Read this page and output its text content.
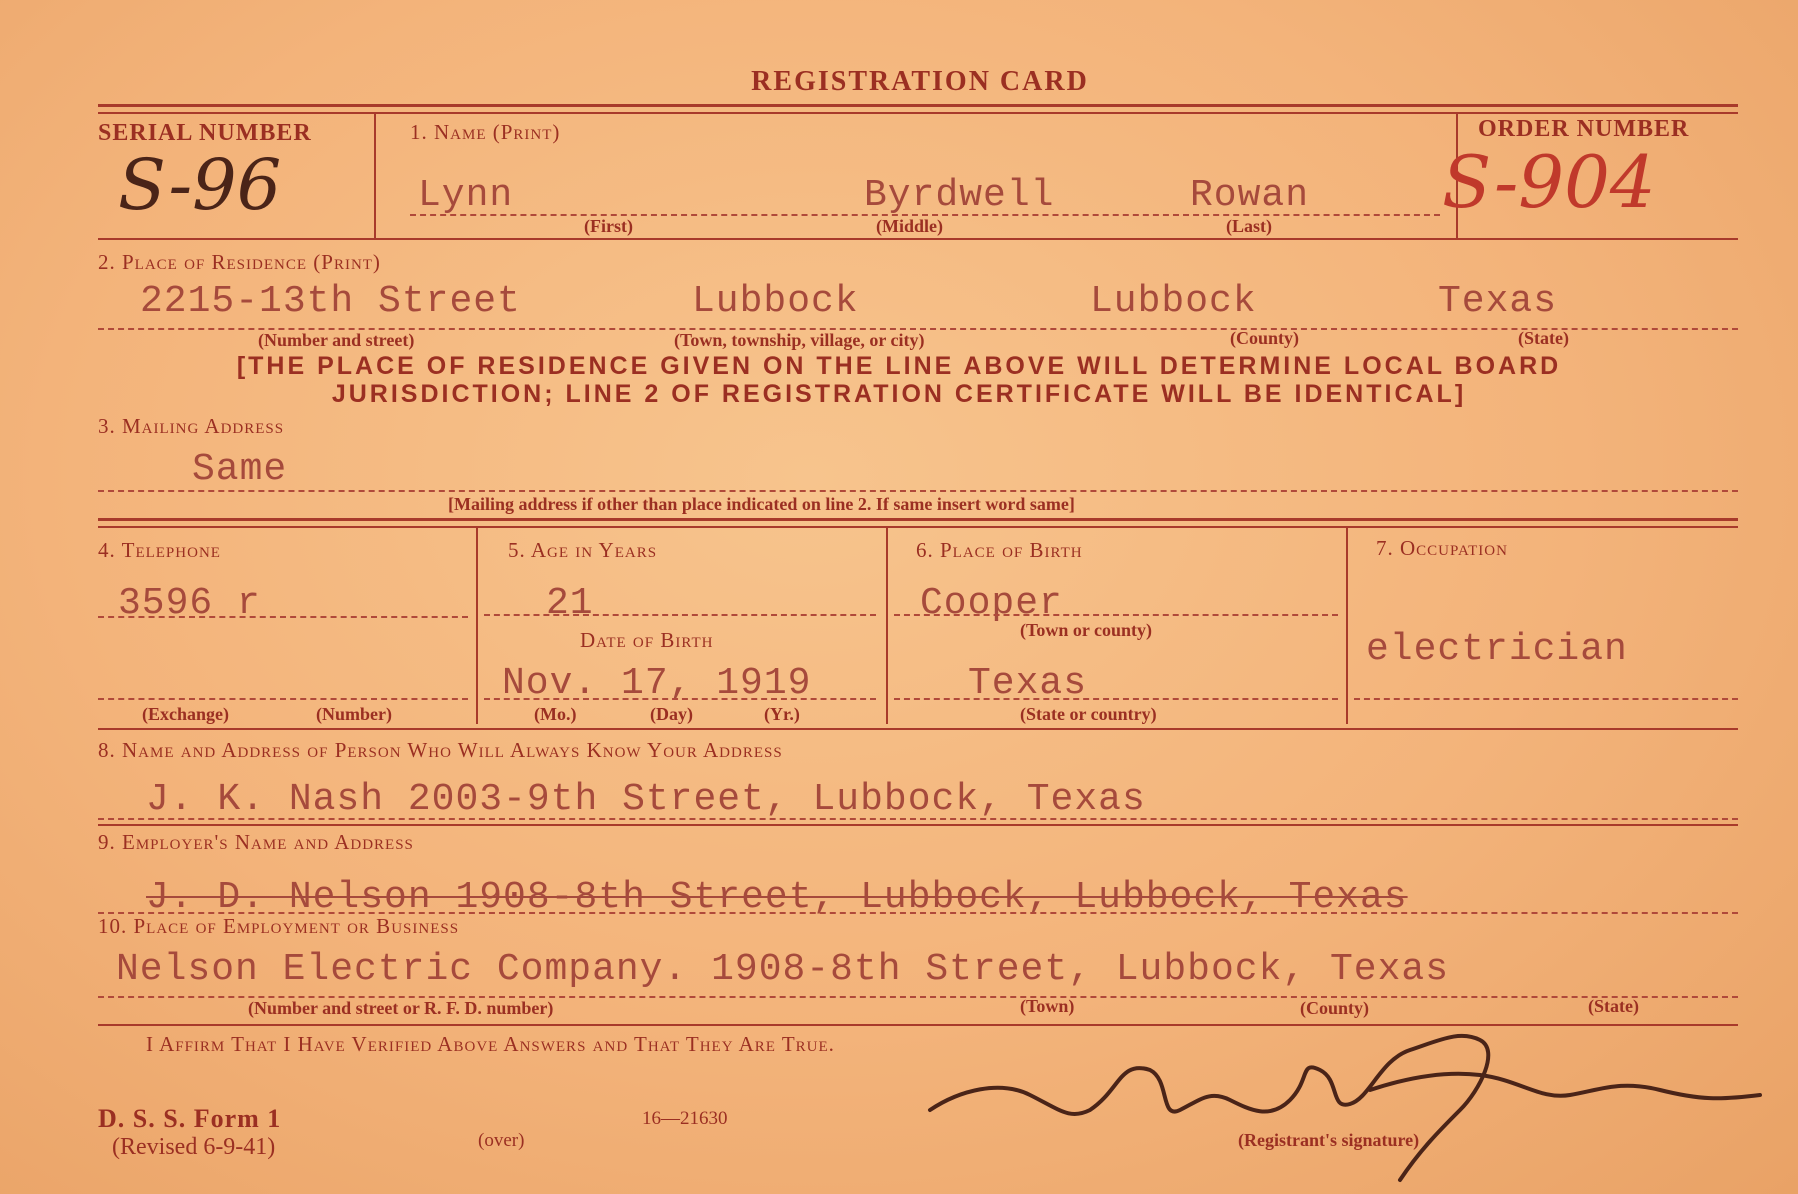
REGISTRATION CARD
SERIAL NUMBER
S-96
1. Name (Print)
Lynn	Byrdwell	Rowan
(First)	(Middle)	(Last)
ORDER NUMBER
S-904
2. Place of Residence (Print)
2215-13th Street	Lubbock	Lubbock	Texas
(Number and street)	(Town, township, village, or city)	(County)	(State)
[THE PLACE OF RESIDENCE GIVEN ON THE LINE ABOVE WILL DETERMINE LOCAL BOARD
JURISDICTION; LINE 2 OF REGISTRATION CERTIFICATE WILL BE IDENTICAL]
3. Mailing Address
Same
[Mailing address if other than place indicated on line 2. If same insert word same]
4. Telephone
3596 r
(Exchange)	(Number)
5. Age in Years
21
Date of Birth
Nov. 17, 1919
(Mo.)	(Day)	(Yr.)
6. Place of Birth
Cooper
(Town or county)
Texas
(State or country)
7. Occupation
electrician
8. Name and Address of Person Who Will Always Know Your Address
J. K. Nash 2003-9th Street, Lubbock, Texas
9. Employer's Name and Address
J. D. Nelson 1908-8th Street, Lubbock, Lubbock, Texas
10. Place of Employment or Business
Nelson Electric Company. 1908-8th Street, Lubbock, Texas
(Number and street or R. F. D. number)	(Town)	(County)	(State)
I Affirm That I Have Verified Above Answers and That They Are True.
(Registrant's signature)
D. S. S. Form 1
(Revised 6-9-41)	(over)
16—21630
